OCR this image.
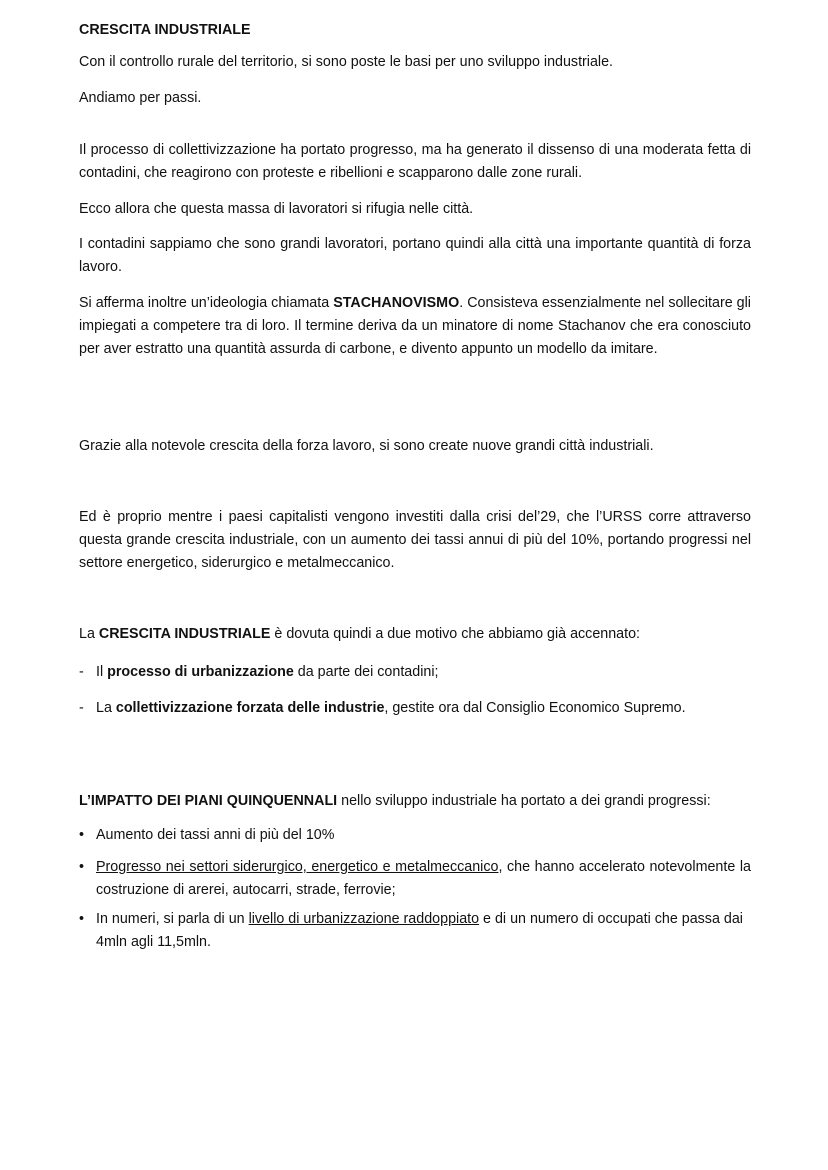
CRESCITA INDUSTRIALE

Con il controllo rurale del territorio, si sono poste le basi per uno sviluppo industriale.

Andiamo per passi.

Il processo di collettivizzazione ha portato progresso, ma ha generato il dissenso di una moderata fetta di contadini, che reagirono con proteste e ribellioni e scapparono dalle zone rurali.

Ecco allora che questa massa di lavoratori si rifugia nelle città.

I contadini sappiamo che sono grandi lavoratori, portano quindi alla città una importante quantità di forza lavoro.

Si afferma inoltre un’ideologia chiamata STACHANOVISMO. Consisteva essenzialmente nel sollecitare gli impiegati a competere tra di loro. Il termine deriva da un minatore di nome Stachanov che era conosciuto per aver estratto una quantità assurda di carbone, e divento appunto un modello da imitare.

Grazie alla notevole crescita della forza lavoro, si sono create nuove grandi città industriali.

Ed è proprio mentre i paesi capitalisti vengono investiti dalla crisi del’29, che l’URSS corre attraverso questa grande crescita industriale, con un aumento dei tassi annui di più del 10%, portando progressi nel settore energetico, siderurgico e metalmeccanico.

La CRESCITA INDUSTRIALE è dovuta quindi a due motivo che abbiamo già accennato:

- Il processo di urbanizzazione da parte dei contadini;
- La collettivizzazione forzata delle industrie, gestite ora dal Consiglio Economico Supremo.

L’IMPATTO DEI PIANI QUINQUENNALI nello sviluppo industriale ha portato a dei grandi progressi:

• Aumento dei tassi anni di più del 10%
• Progresso nei settori siderurgico, energetico e metalmeccanico, che hanno accelerato notevolmente la costruzione di arerei, autocarri, strade, ferrovie;
• In numeri, si parla di un livello di urbanizzazione raddoppiato e di un numero di occupati che passa dai 4mln agli 11,5mln.
